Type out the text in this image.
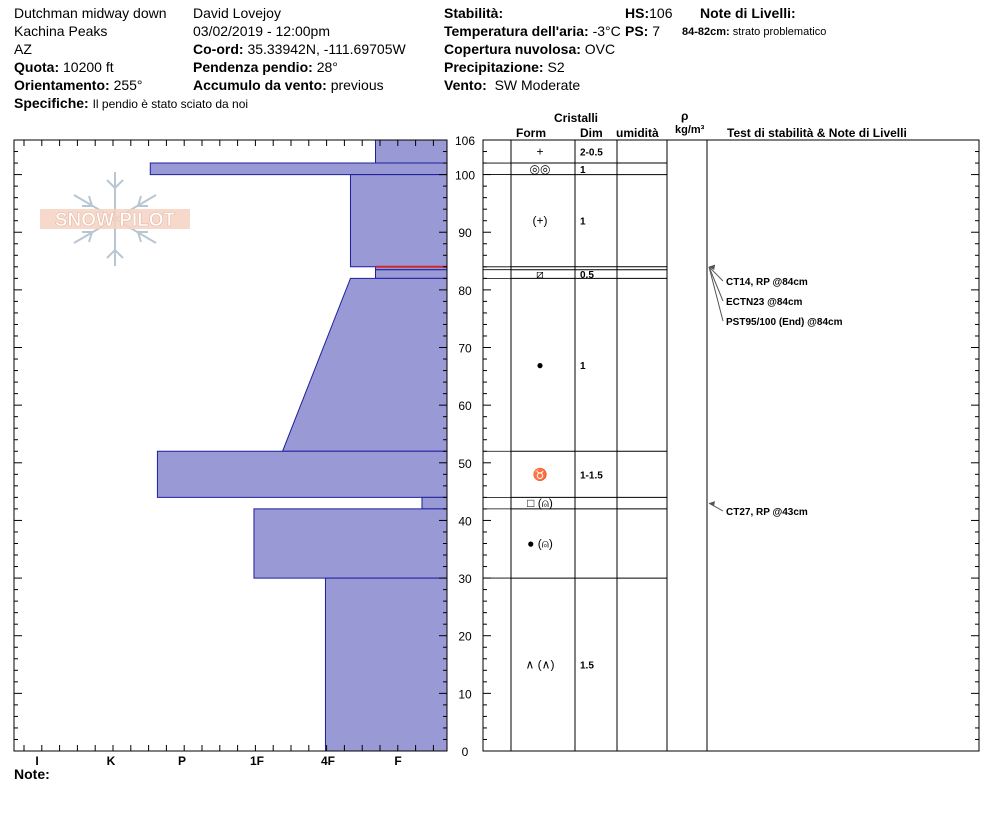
Dutchman midway down
Kachina Peaks
AZ
Quota: 10200 ft
Orientamento: 255°
Specifiche: Il pendio è stato sciato da noi
David Lovejoy
03/02/2019 - 12:00pm
Co-ord: 35.33942N, -111.69705W
Pendenza pendio: 28°
Accumulo da vento: previous
Stabilità:
Temperatura dell'aria: -3°C
Copertura nuvolosa: OVC
Precipitazione: S2
Vento: SW Moderate
HS:106
PS: 7
Note di Livelli:
84-82cm: strato problematico
Cristalli
Form	Dim umidità
ρ
kg/m³ Test di stabilità & Note di Livelli
SNOW PILOT
0
10
20
30
40
50
60
70
80
90
100
106
I	K	P	1F	4F	F
+	2-0.5
◎◎	1
(+)	1
⧄	0.5
●	1
♉	1-1.5
□ (⍝)
● (⍝)
∧ (∧)	1.5
CT14, RP @84cm
ECTN23 @84cm
PST95/100 (End) @84cm
CT27, RP @43cm
Note:
